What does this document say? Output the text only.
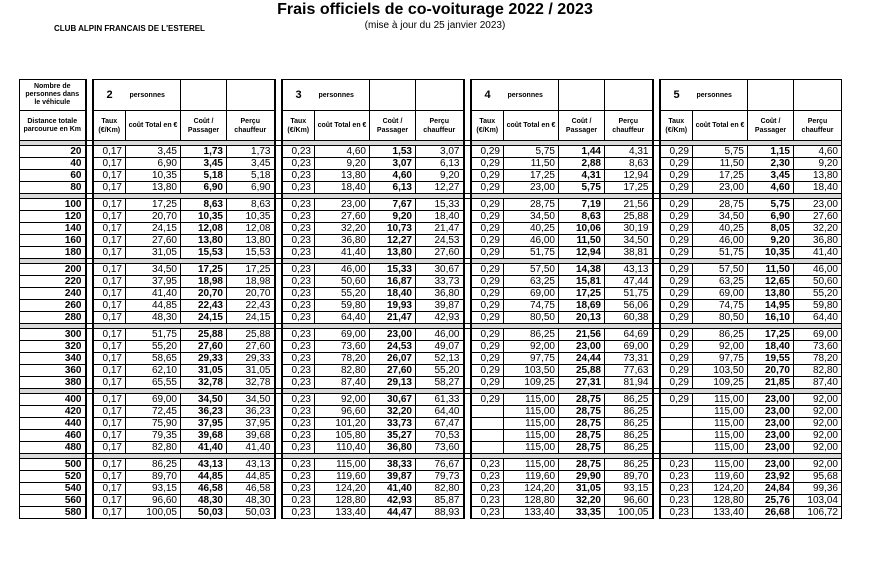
Frais officiels de co-voiturage 2022 / 2023

(mise à jour du 25 janvier 2023)

CLUB ALPIN FRANCAIS DE L'ESTEREL

Nombre de personnes dans le véhicule		2	personnes				3	personnes				4	personnes				5	personnes		
Distance totale parcourue en Km		Taux (€/Km)	coût Total en €	Coût / Passager	Perçu chauffeur		Taux (€/Km)	coût Total en €	Coût / Passager	Perçu chauffeur		Taux (€/Km)	coût Total en €	Coût / Passager	Perçu chauffeur		Taux (€/Km)	coût Total en €	Coût / Passager	Perçu chauffeur

20		0,17	3,45	1,73	1,73		0,23	4,60	1,53	3,07		0,29	5,75	1,44	4,31		0,29	5,75	1,15	4,60
40		0,17	6,90	3,45	3,45		0,23	9,20	3,07	6,13		0,29	11,50	2,88	8,63		0,29	11,50	2,30	9,20
60		0,17	10,35	5,18	5,18		0,23	13,80	4,60	9,20		0,29	17,25	4,31	12,94		0,29	17,25	3,45	13,80
80		0,17	13,80	6,90	6,90		0,23	18,40	6,13	12,27		0,29	23,00	5,75	17,25		0,29	23,00	4,60	18,40

100		0,17	17,25	8,63	8,63		0,23	23,00	7,67	15,33		0,29	28,75	7,19	21,56		0,29	28,75	5,75	23,00
120		0,17	20,70	10,35	10,35		0,23	27,60	9,20	18,40		0,29	34,50	8,63	25,88		0,29	34,50	6,90	27,60
140		0,17	24,15	12,08	12,08		0,23	32,20	10,73	21,47		0,29	40,25	10,06	30,19		0,29	40,25	8,05	32,20
160		0,17	27,60	13,80	13,80		0,23	36,80	12,27	24,53		0,29	46,00	11,50	34,50		0,29	46,00	9,20	36,80
180		0,17	31,05	15,53	15,53		0,23	41,40	13,80	27,60		0,29	51,75	12,94	38,81		0,29	51,75	10,35	41,40

200		0,17	34,50	17,25	17,25		0,23	46,00	15,33	30,67		0,29	57,50	14,38	43,13		0,29	57,50	11,50	46,00
220		0,17	37,95	18,98	18,98		0,23	50,60	16,87	33,73		0,29	63,25	15,81	47,44		0,29	63,25	12,65	50,60
240		0,17	41,40	20,70	20,70		0,23	55,20	18,40	36,80		0,29	69,00	17,25	51,75		0,29	69,00	13,80	55,20
260		0,17	44,85	22,43	22,43		0,23	59,80	19,93	39,87		0,29	74,75	18,69	56,06		0,29	74,75	14,95	59,80
280		0,17	48,30	24,15	24,15		0,23	64,40	21,47	42,93		0,29	80,50	20,13	60,38		0,29	80,50	16,10	64,40

300		0,17	51,75	25,88	25,88		0,23	69,00	23,00	46,00		0,29	86,25	21,56	64,69		0,29	86,25	17,25	69,00
320		0,17	55,20	27,60	27,60		0,23	73,60	24,53	49,07		0,29	92,00	23,00	69,00		0,29	92,00	18,40	73,60
340		0,17	58,65	29,33	29,33		0,23	78,20	26,07	52,13		0,29	97,75	24,44	73,31		0,29	97,75	19,55	78,20
360		0,17	62,10	31,05	31,05		0,23	82,80	27,60	55,20		0,29	103,50	25,88	77,63		0,29	103,50	20,70	82,80
380		0,17	65,55	32,78	32,78		0,23	87,40	29,13	58,27		0,29	109,25	27,31	81,94		0,29	109,25	21,85	87,40

400		0,17	69,00	34,50	34,50		0,23	92,00	30,67	61,33		0,29	115,00	28,75	86,25		0,29	115,00	23,00	92,00
420		0,17	72,45	36,23	36,23		0,23	96,60	32,20	64,40			115,00	28,75	86,25			115,00	23,00	92,00
440		0,17	75,90	37,95	37,95		0,23	101,20	33,73	67,47			115,00	28,75	86,25			115,00	23,00	92,00
460		0,17	79,35	39,68	39,68		0,23	105,80	35,27	70,53			115,00	28,75	86,25			115,00	23,00	92,00
480		0,17	82,80	41,40	41,40		0,23	110,40	36,80	73,60			115,00	28,75	86,25			115,00	23,00	92,00

500		0,17	86,25	43,13	43,13		0,23	115,00	38,33	76,67		0,23	115,00	28,75	86,25		0,23	115,00	23,00	92,00
520		0,17	89,70	44,85	44,85		0,23	119,60	39,87	79,73		0,23	119,60	29,90	89,70		0,23	119,60	23,92	95,68
540		0,17	93,15	46,58	46,58		0,23	124,20	41,40	82,80		0,23	124,20	31,05	93,15		0,23	124,20	24,84	99,36
560		0,17	96,60	48,30	48,30		0,23	128,80	42,93	85,87		0,23	128,80	32,20	96,60		0,23	128,80	25,76	103,04
580		0,17	100,05	50,03	50,03		0,23	133,40	44,47	88,93		0,23	133,40	33,35	100,05		0,23	133,40	26,68	106,72
